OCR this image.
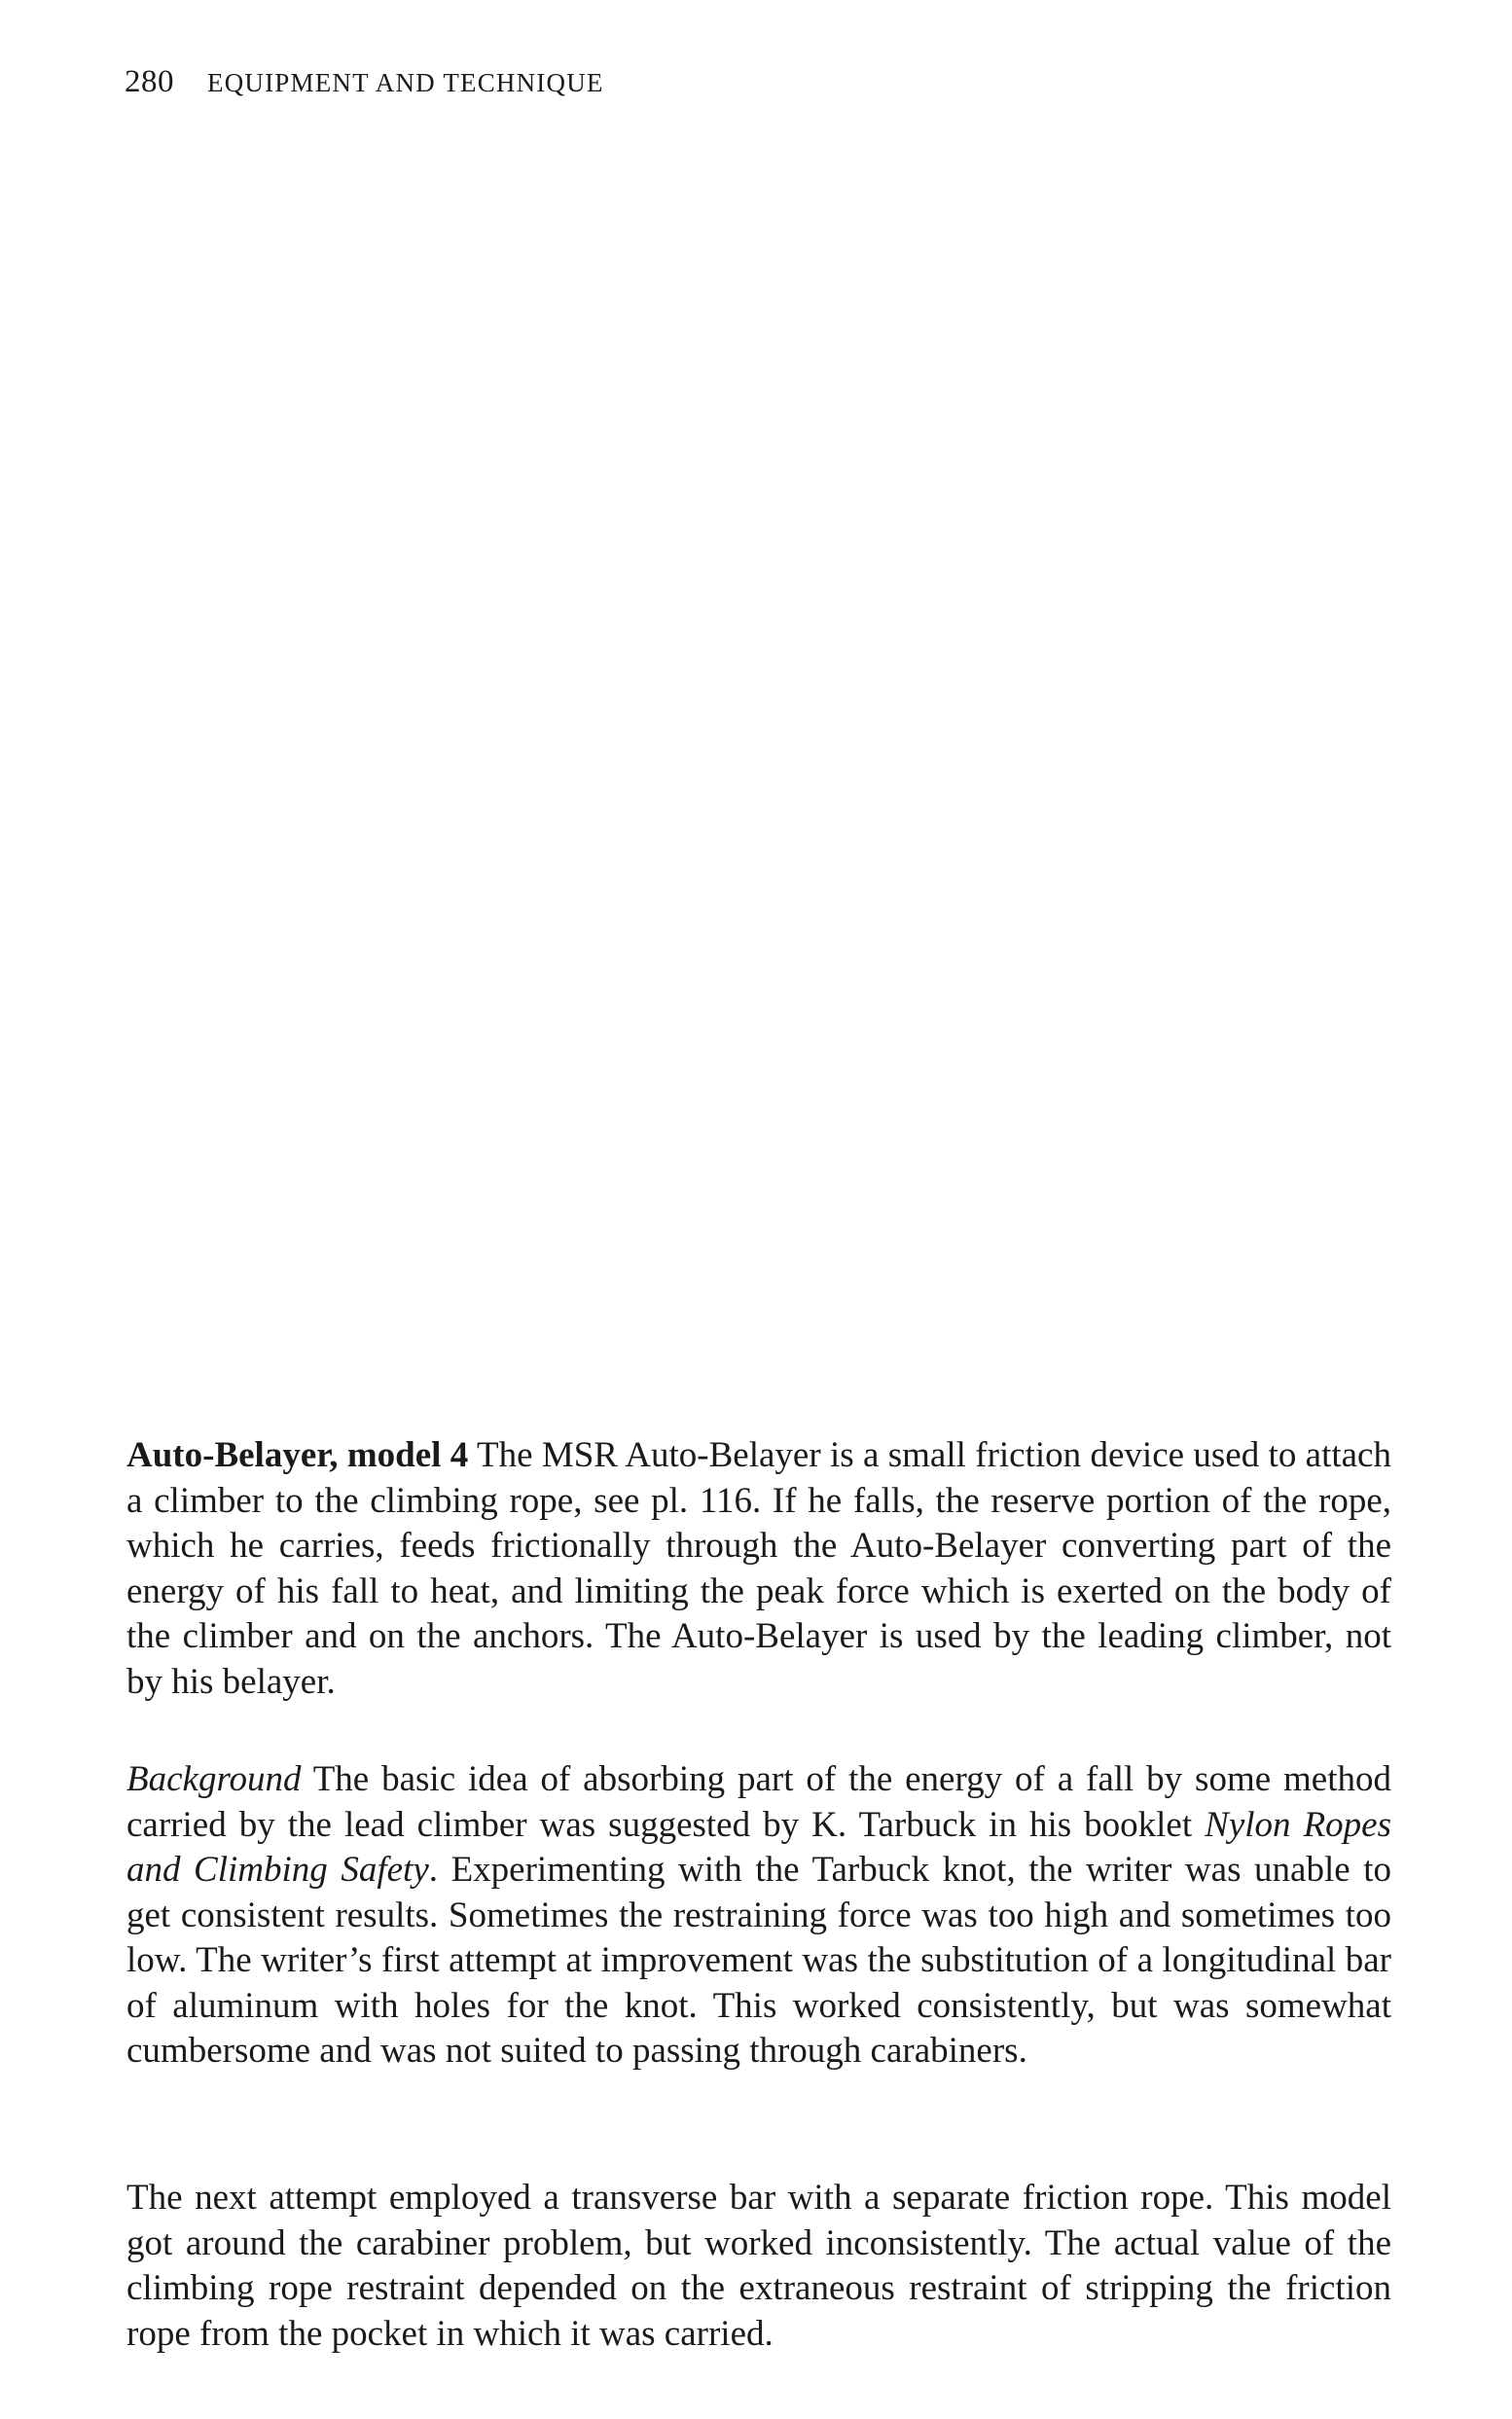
280 EQUIPMENT AND TECHNIQUE

Auto-Belayer, model 4 The MSR Auto-Belayer is a small friction device used to attach a climber to the climbing rope, see pl. 116. If he falls, the reserve portion of the rope, which he carries, feeds frictionally through the Auto-Belayer converting part of the energy of his fall to heat, and limiting the peak force which is exerted on the body of the climber and on the anchors. The Auto-Belayer is used by the leading climber, not by his belayer.

Background The basic idea of absorbing part of the energy of a fall by some method carried by the lead climber was suggested by K. Tarbuck in his booklet Nylon Ropes and Climbing Safety. Experimenting with the Tarbuck knot, the writer was unable to get consistent results. Sometimes the restraining force was too high and sometimes too low. The writer’s first attempt at improvement was the substitution of a longitudinal bar of aluminum with holes for the knot. This worked consistently, but was somewhat cumbersome and was not suited to passing through carabiners.

The next attempt employed a transverse bar with a separate friction rope. This model got around the carabiner problem, but worked inconsistently. The actual value of the climbing rope restraint depended on the extraneous restraint of stripping the friction rope from the pocket in which it was carried.
